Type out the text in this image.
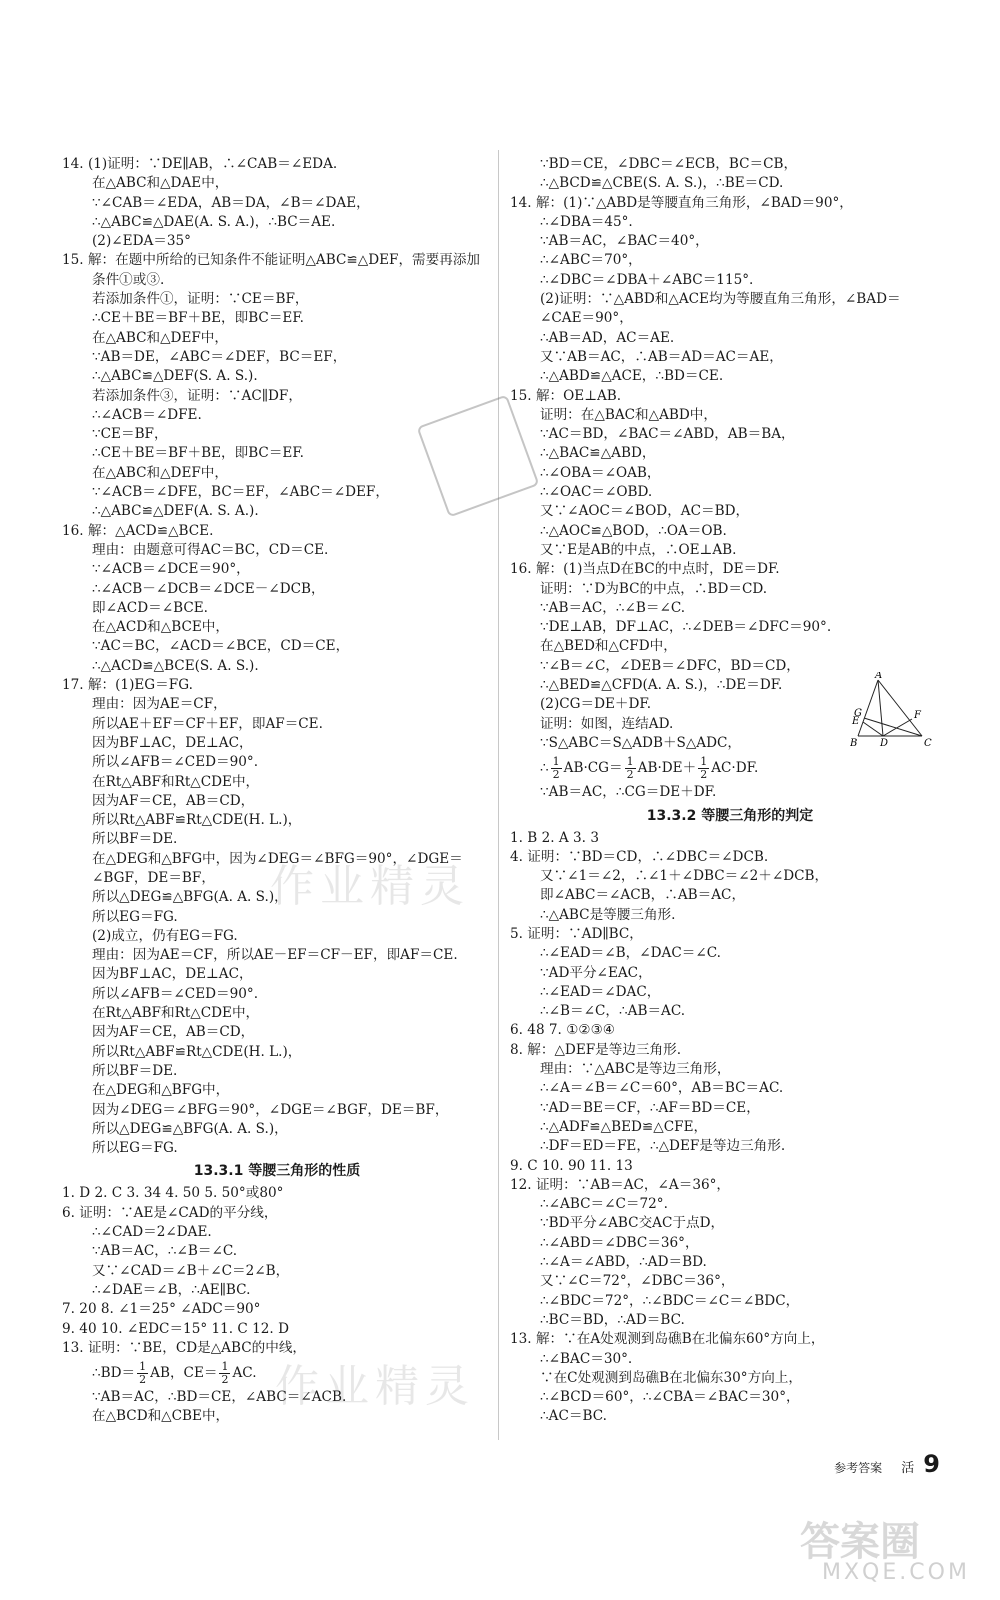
14. (1)证明：∵DE∥AB，∴∠CAB＝∠EDA.
在△ABC和△DAE中，
∵∠CAB＝∠EDA，AB＝DA，∠B＝∠DAE，
∴△ABC≌△DAE(A. S. A.)，∴BC＝AE.
(2)∠EDA＝35°
15. 解：在题中所给的已知条件不能证明△ABC≌△DEF，需要再添加
条件①或③.
若添加条件①，证明：∵CE＝BF，
∴CE＋BE＝BF＋BE，即BC＝EF.
在△ABC和△DEF中，
∵AB＝DE，∠ABC＝∠DEF，BC＝EF，
∴△ABC≌△DEF(S. A. S.).
若添加条件③，证明：∵AC∥DF，
∴∠ACB＝∠DFE.
∵CE＝BF，
∴CE＋BE＝BF＋BE，即BC＝EF.
在△ABC和△DEF中，
∵∠ACB＝∠DFE，BC＝EF，∠ABC＝∠DEF，
∴△ABC≌△DEF(A. S. A.).
16. 解：△ACD≌△BCE.
理由：由题意可得AC＝BC，CD＝CE.
∵∠ACB＝∠DCE＝90°，
∴∠ACB－∠DCB＝∠DCE－∠DCB，
即∠ACD＝∠BCE.
在△ACD和△BCE中，
∵AC＝BC，∠ACD＝∠BCE，CD＝CE，
∴△ACD≌△BCE(S. A. S.).
17. 解：(1)EG＝FG.
理由：因为AE＝CF，
所以AE＋EF＝CF＋EF，即AF＝CE.
因为BF⊥AC，DE⊥AC，
所以∠AFB＝∠CED＝90°.
在Rt△ABF和Rt△CDE中，
因为AF＝CE，AB＝CD，
所以Rt△ABF≌Rt△CDE(H. L.)，
所以BF＝DE.
在△DEG和△BFG中，因为∠DEG＝∠BFG＝90°，∠DGE＝
∠BGF，DE＝BF，
所以△DEG≌△BFG(A. A. S.)，
所以EG＝FG.
(2)成立，仍有EG＝FG.
理由：因为AE＝CF，所以AE－EF＝CF－EF，即AF＝CE.
因为BF⊥AC，DE⊥AC，
所以∠AFB＝∠CED＝90°.
在Rt△ABF和Rt△CDE中，
因为AF＝CE，AB＝CD，
所以Rt△ABF≌Rt△CDE(H. L.)，
所以BF＝DE.
在△DEG和△BFG中，
因为∠DEG＝∠BFG＝90°，∠DGE＝∠BGF，DE＝BF，
所以△DEG≌△BFG(A. A. S.)，
所以EG＝FG.
13.3.1 等腰三角形的性质
1. D 2. C 3. 34 4. 50 5. 50°或80°
6. 证明：∵AE是∠CAD的平分线，
∴∠CAD＝2∠DAE.
∵AB＝AC，∴∠B＝∠C.
又∵∠CAD＝∠B＋∠C＝2∠B，
∴∠DAE＝∠B，∴AE∥BC.
7. 20 8. ∠1＝25° ∠ADC＝90°
9. 40 10. ∠EDC＝15° 11. C 12. D
13. 证明：∵BE，CD是△ABC的中线，
∴BD＝ $\frac{1}{2}$ AB，$CE= \frac{1}{2}$ AC.
∵AB＝AC，∴BD＝CE，∠ABC＝∠ACB.
在△BCD和△CBE中，
∵BD＝CE，∠DBC＝∠ECB，BC＝CB，
∴△BCD≌△CBE(S. A. S.)，∴BE＝CD.
14. 解：(1)∵△ABD是等腰直角三角形，∠BAD＝90°，
∴∠DBA＝45°.
∵AB＝AC，∠BAC＝40°，
∴∠ABC＝70°，
∴∠DBC＝∠DBA＋∠ABC＝115°.
(2)证明：∵△ABD和△ACE均为等腰直角三角形，∠BAD＝
∠CAE＝90°，
∴AB＝AD，AC＝AE.
又∵AB＝AC，∴AB＝AD＝AC＝AE，
∴△ABD≌△ACE，∴BD＝CE.
15. 解：OE⊥AB.
证明：在△BAC和△ABD中，
∵AC＝BD，∠BAC＝∠ABD，AB＝BA，
∴△BAC≌△ABD，
∴∠OBA＝∠OAB，
∴∠OAC＝∠OBD.
又∵∠AOC＝∠BOD，AC＝BD，
∴△AOC≌△BOD，∴OA＝OB.
又∵E是AB的中点，∴OE⊥AB.
16. 解：(1)当点D在BC的中点时，DE＝DF.
证明：∵D为BC的中点，∴BD＝CD.
∵AB＝AC，∴∠B＝∠C.
∵DE⊥AB，DF⊥AC，∴∠DEB＝∠DFC＝90°.
在△BED和△CFD中，
∵∠B＝∠C，∠DEB＝∠DFC，BD＝CD，
∴△BED≌△CFD(A. A. S.)，∴DE＝DF.
(2)CG＝DE＋DF.
证明：如图，连结AD.
∵S△ABC＝S△ADB＋S△ADC，
∴ $\frac{1}{2} AB\cdot CG= \frac{1}{2} AB\cdot DE+ \frac{1}{2} AC\cdot DF$.
∵AB＝AC，∴CG＝DE＋DF.
13.3.2 等腰三角形的判定
1. B 2. A 3. 3
4. 证明：∵BD＝CD，∴∠DBC＝∠DCB.
又∵∠1＝∠2，∴∠1＋∠DBC＝∠2＋∠DCB，
即∠ABC＝∠ACB，∴AB＝AC，
∴△ABC是等腰三角形.
5. 证明：∵AD∥BC，
∴∠EAD＝∠B，∠DAC＝∠C.
∵AD平分∠EAC，
∴∠EAD＝∠DAC，
∴∠B＝∠C，∴AB＝AC.
6. 48 7. ①②③④
8. 解：△DEF是等边三角形.
理由：∵△ABC是等边三角形，
∴∠A＝∠B＝∠C＝60°，AB＝BC＝AC.
∵AD＝BE＝CF，∴AF＝BD＝CE，
∴△ADF≌△BED≌△CFE，
∴DF＝ED＝FE，∴△DEF是等边三角形.
9. C 10. 90 11. 13
12. 证明：∵AB＝AC，∠A＝36°，
∴∠ABC＝∠C＝72°.
∵BD平分∠ABC交AC于点D，
∴∠ABD＝∠DBC＝36°，
∴∠A＝∠ABD，∴AD＝BD.
又∵∠C＝72°，∠DBC＝36°，
∴∠BDC＝72°，∴∠BDC＝∠C＝∠BDC，
∴BC＝BD，∴AD＝BC.
13. 解：∵在A处观测到岛礁B在北偏东60°方向上，
∴∠BAC＝30°.
∵在C处观测到岛礁B在北偏东30°方向上，
∴∠BCD＝60°，∴∠CBA＝∠BAC＝30°，
∴AC＝BC.
作业精灵
作业精灵
A
B	C
D
E
F
G
参考答案 活 9
答案圈
MXQE.COM
